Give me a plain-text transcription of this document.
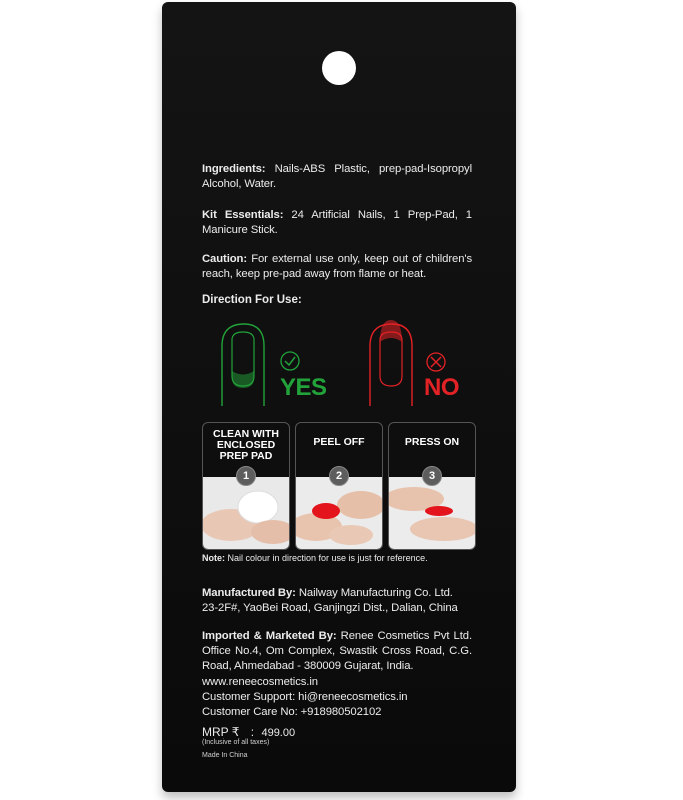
Ingredients: Nails-ABS Plastic, prep-pad-Isopropyl Alcohol, Water.
Kit Essentials: 24 Artificial Nails, 1 Prep-Pad, 1 Manicure Stick.
Caution: For external use only, keep out of children's reach, keep pre-pad away from flame or heat.
Direction For Use:
YES	NO
CLEAN WITH ENCLOSED PREP PAD
1
PEEL OFF
2
PRESS ON
3
Note: Nail colour in direction for use is just for reference.
Manufactured By: Nailway Manufacturing Co. Ltd.
23-2F#, YaoBei Road, Ganjingzi Dist., Dalian, China
Imported & Marketed By: Renee Cosmetics Pvt Ltd. Office No.4, Om Complex, Swastik Cross Road, C.G. Road, Ahmedabad - 380009 Gujarat, India.
www.reneecosmetics.in
Customer Support: hi@reneecosmetics.in
Customer Care No: +918980502102
MRP ₹ : 499.00
(Inclusive of all taxes)
Made In China
